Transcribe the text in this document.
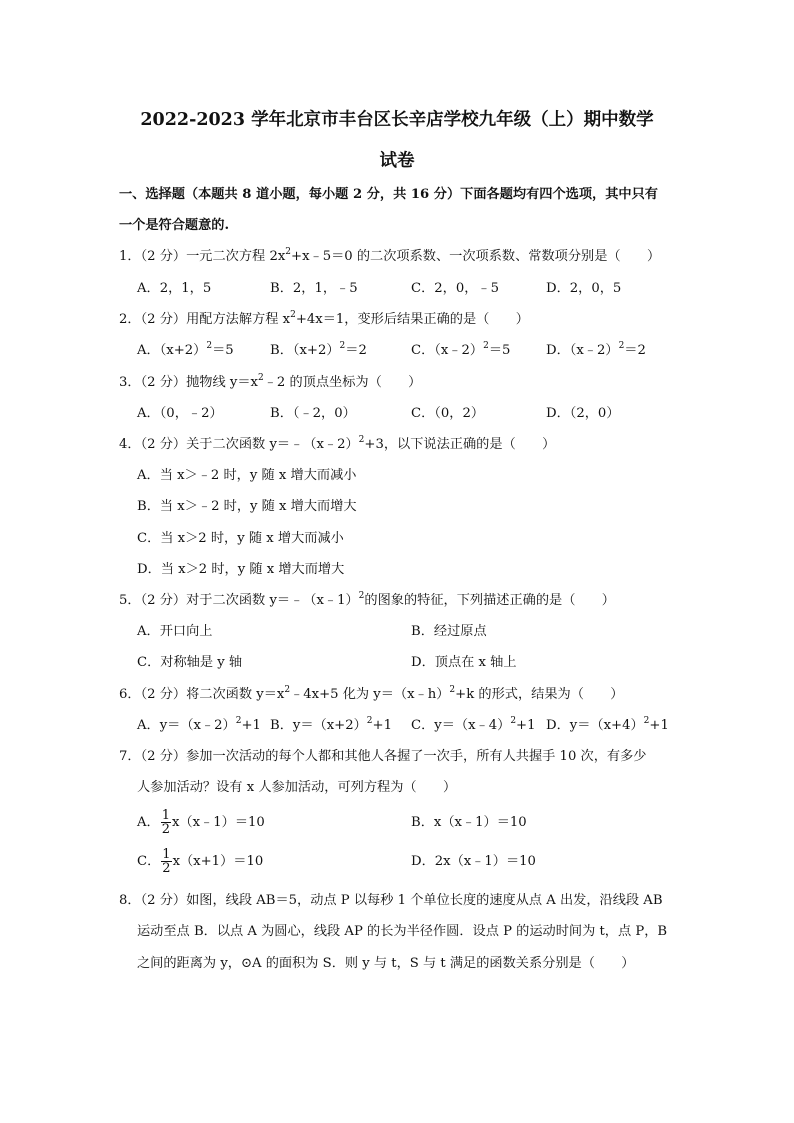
2022-2023 学年北京市丰台区长辛店学校九年级（上）期中数学
试卷
一、选择题（本题共 8 道小题，每小题 2 分，共 16 分）下面各题均有四个选项，其中只有
一个是符合题意的.
1．（2 分）一元二次方程 $2x^2+x﹣5=0$ 的二次项系数、一次项系数、常数项分别是（　　）
A．2，1，5	B．2，1，﹣5	C．2，0，﹣5	D．2，0，5
2．（2 分）用配方法解方程 $x^2+4x=1$，变形后结果正确的是（　　）
A．$(x+2)^2=5$	B．$(x+2)^2=2$	C．（x﹣2）$^2$＝5	D．（x﹣2）$^2$＝2
3．（2 分）抛物线 $y=x^2﹣2$ 的顶点坐标为（　　）
A．（0，﹣2）	B．（﹣2，0）	C．（0，2）	D．（2，0）
4．（2 分）关于二次函数 y＝﹣（x﹣2）$^2$+3，以下说法正确的是（　　）
A．当 x＞﹣2 时，y 随 x 增大而减小
B．当 x＞﹣2 时，y 随 x 增大而增大
C．当 x＞2 时，y 随 x 增大而减小
D．当 x＞2 时，y 随 x 增大而增大
5．（2 分）对于二次函数 y＝﹣（x﹣1）$^2$的图象的特征，下列描述正确的是（　　）
A．开口向上	B．经过原点
C．对称轴是 y 轴	D．顶点在 x 轴上
6．（2 分）将二次函数 $y=x^2﹣4x+5$ 化为 y＝（x﹣h）$^2$+k 的形式，结果为（　　）
A．y＝（x﹣2）$^2$+1 B．$y=(x+2)^2+1$ C．y＝（x﹣4）$^2$+1 D．$y=(x+4)^2+1$
7．（2 分）参加一次活动的每个人都和其他人各握了一次手，所有人共握手 10 次，有多少
人参加活动？设有 x 人参加活动，可列方程为（　　）
A． $\frac{1}{2}$ x（x﹣1）＝10	B．x（x﹣1）＝10
C． $\frac{1}{2} x(x+1)=10$	D．2x（x﹣1）＝10
8．（2 分）如图，线段 AB＝5，动点 P 以每秒 1 个单位长度的速度从点 A 出发，沿线段 AB
运动至点 B．以点 A 为圆心，线段 AP 的长为半径作圆．设点 P 的运动时间为 t，点 P，B
之间的距离为 y，⊙A 的面积为 S．则 y 与 t，S 与 t 满足的函数关系分别是（　　）
